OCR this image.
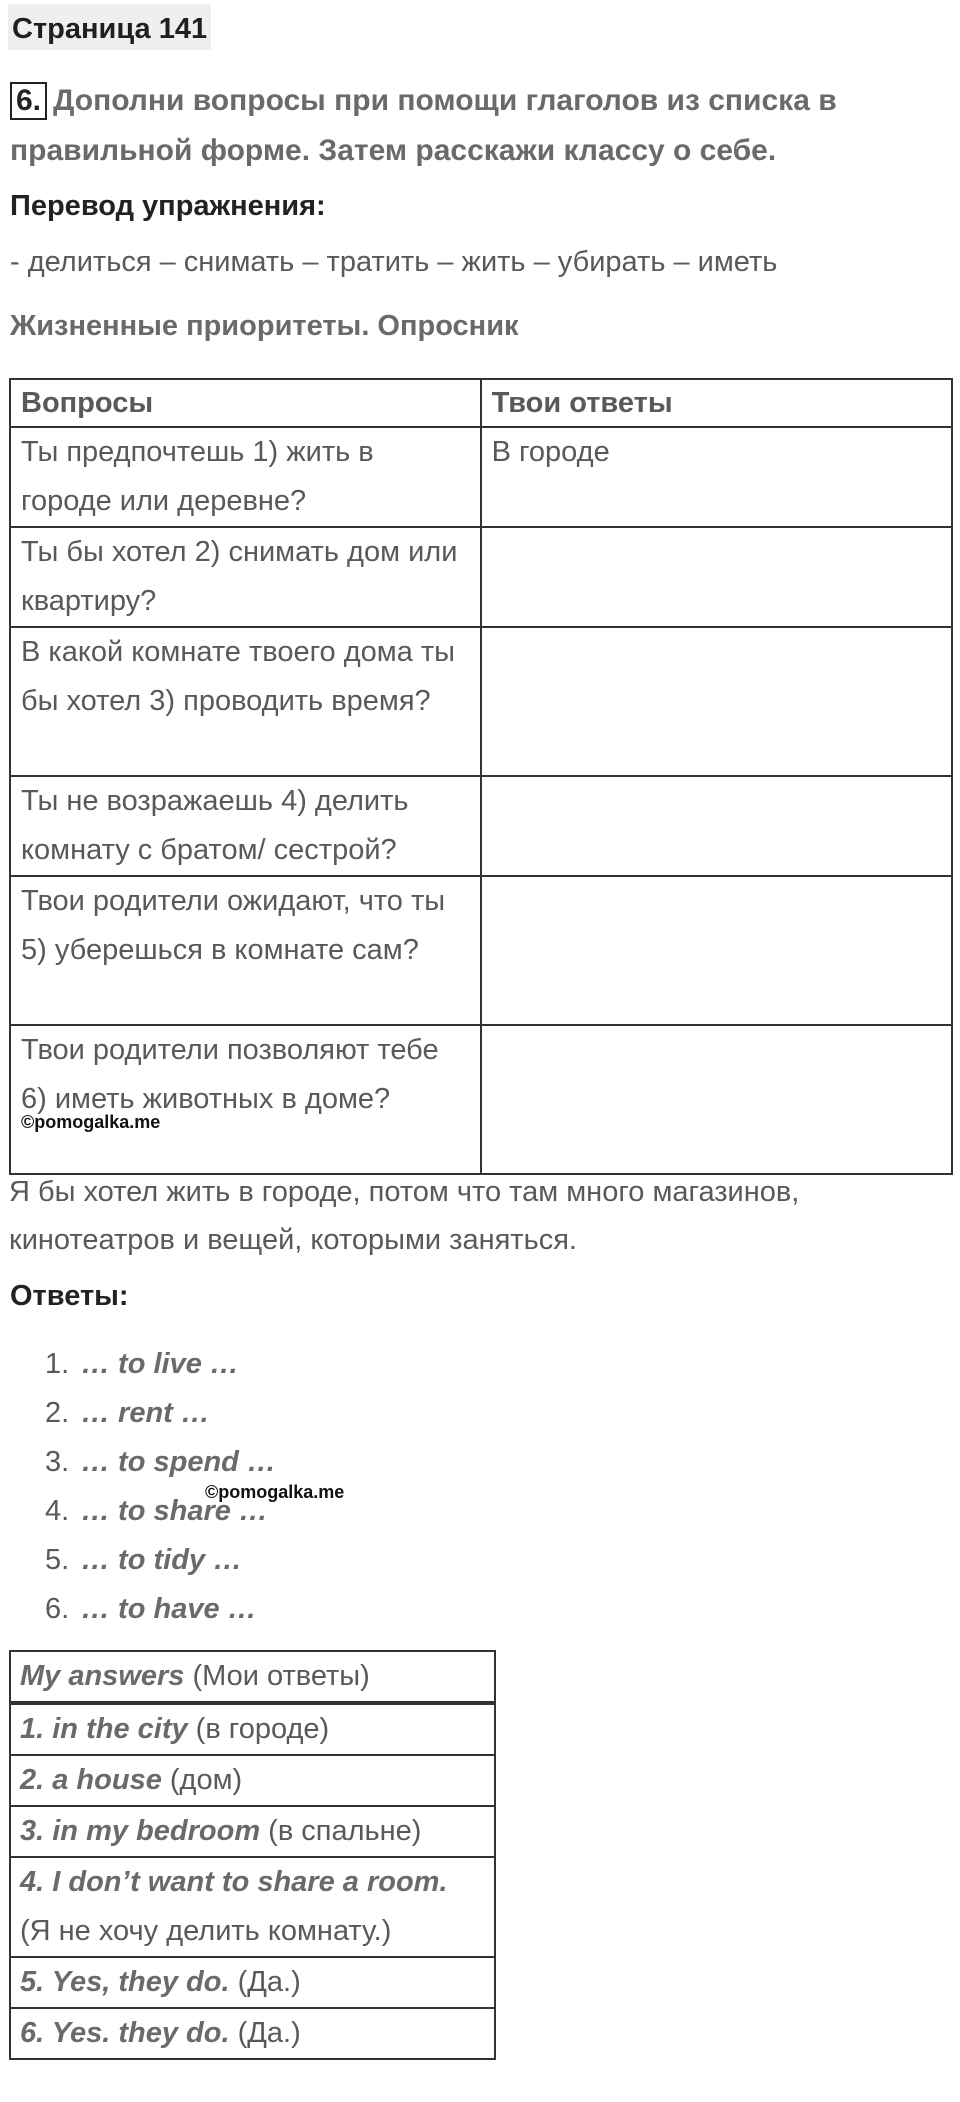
Страница 141
6. Дополни вопросы при помощи глаголов из списка в правильной форме. Затем расскажи классу о себе.
Перевод упражнения:
- делиться – снимать – тратить – жить – убирать – иметь
Жизненные приоритеты. Опросник
Вопросы	Твои ответы
Ты предпочтешь 1) жить в городе или деревне?	В городе
Ты бы хотел 2) снимать дом или квартиру?	
В какой комнате твоего дома ты бы хотел 3) проводить время?	
Ты не возражаешь 4) делить комнату с братом/ сестрой?	
Твои родители ожидают, что ты 5) уберешься в комнате сам?	

Твои родители позволяют тебе 6) иметь животных в доме?
©pomogalka.me	

Я бы хотел жить в городе, потом что там много магазинов, кинотеатров и вещей, которыми заняться.
Ответы:
1. … to live …
2. … rent …
3. … to spend …
4. … to share …
5. … to tidy …
6. … to have …
©pomogalka.me
My answers (Мои ответы)

1. in the city (в городе)
2. a house (дом)
3. in my bedroom (в спальне)
4. I don’t want to share a room. (Я не хочу делить комнату.)
5. Yes, they do. (Да.)
6. Yes. they do. (Да.)
